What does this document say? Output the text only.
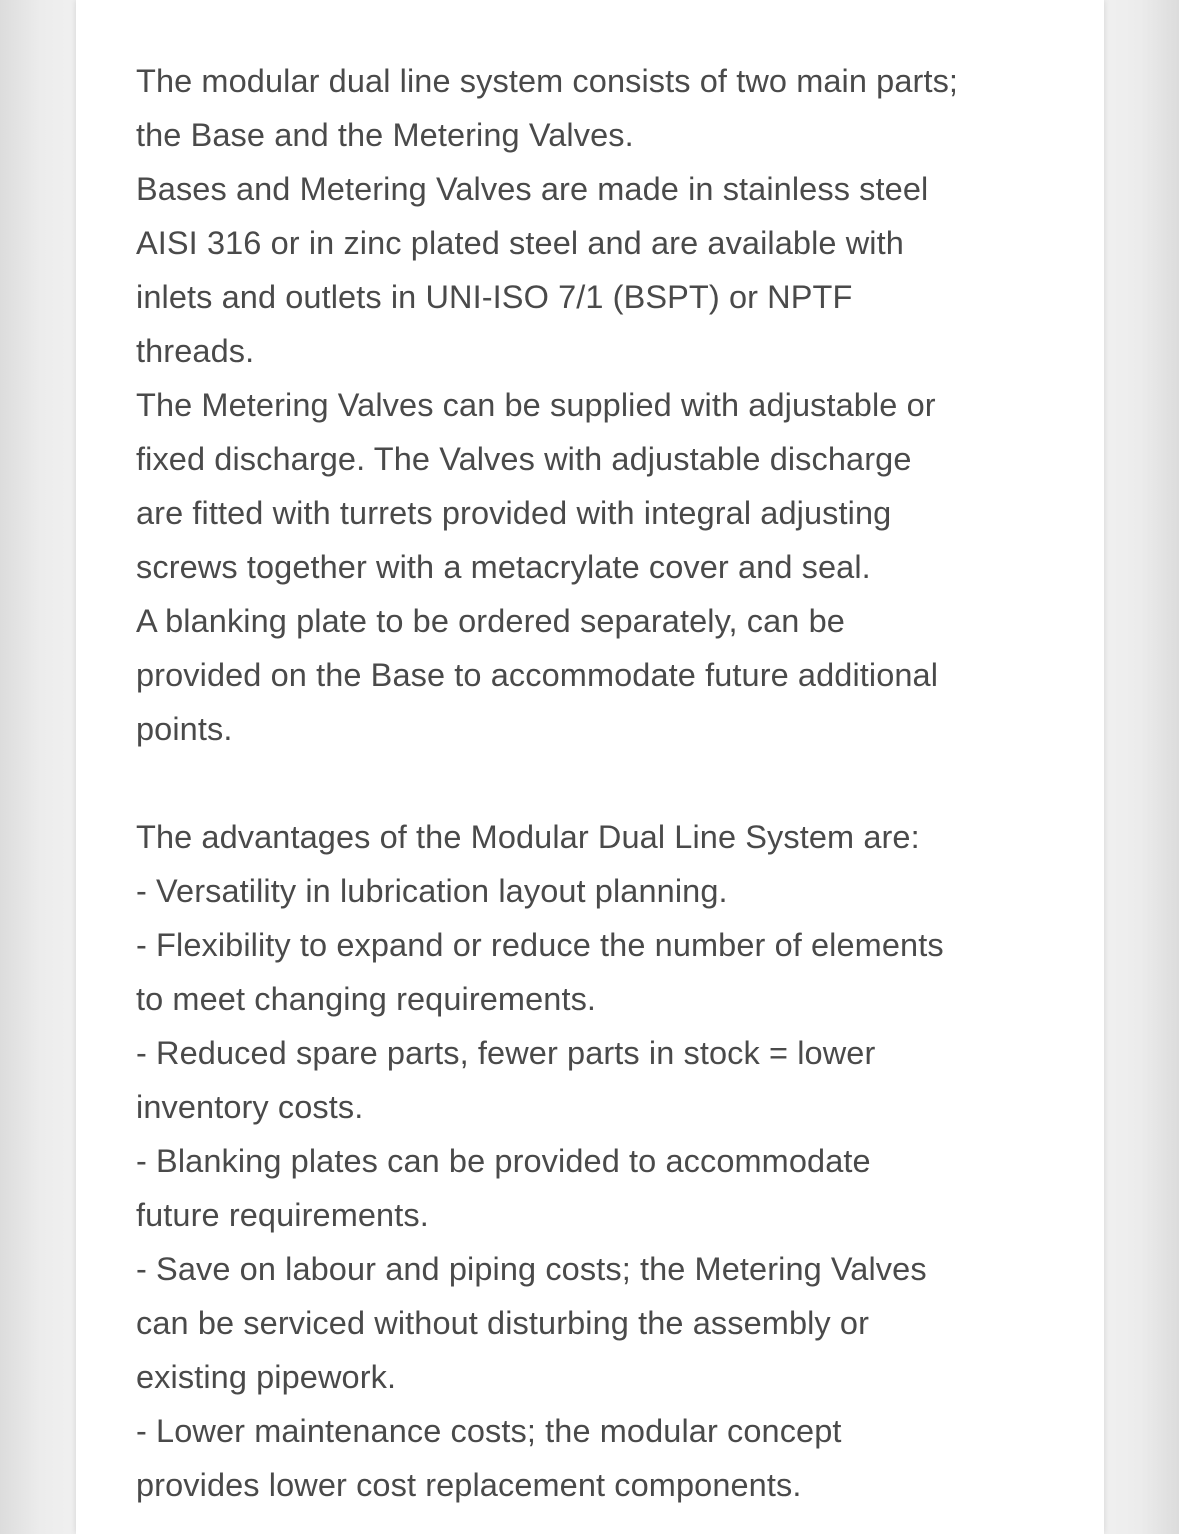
The modular dual line system consists of two main parts;
the Base and the Metering Valves.
Bases and Metering Valves are made in stainless steel
AISI 316 or in zinc plated steel and are available with
inlets and outlets in UNI-ISO 7/1 (BSPT) or NPTF
threads.
The Metering Valves can be supplied with adjustable or
fixed discharge. The Valves with adjustable discharge
are fitted with turrets provided with integral adjusting
screws together with a metacrylate cover and seal.
A blanking plate to be ordered separately, can be
provided on the Base to accommodate future additional
points.
The advantages of the Modular Dual Line System are:
- Versatility in lubrication layout planning.
- Flexibility to expand or reduce the number of elements
to meet changing requirements.
- Reduced spare parts, fewer parts in stock = lower
inventory costs.
- Blanking plates can be provided to accommodate
future requirements.
- Save on labour and piping costs; the Metering Valves
can be serviced without disturbing the assembly or
existing pipework.
- Lower maintenance costs; the modular concept
provides lower cost replacement components.
